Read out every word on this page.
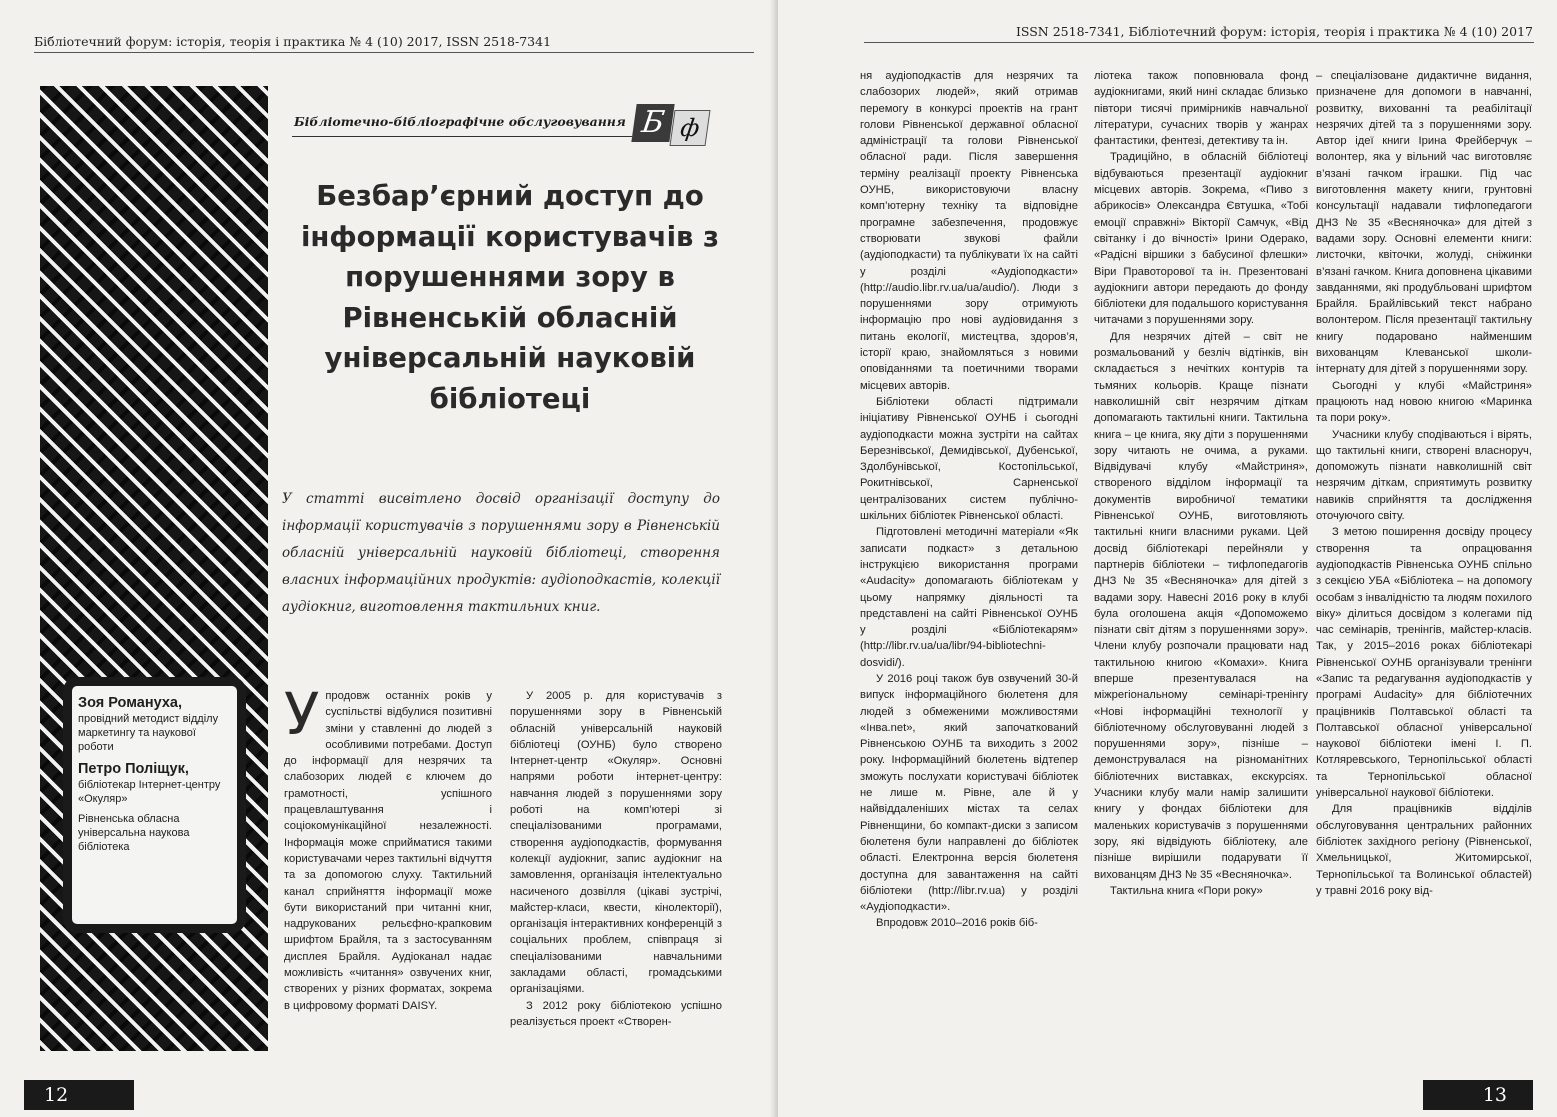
Бібліотечний форум: історія, теорія і практика № 4 (10) 2017, ISSN 2518-7341
Бібліотечно-бібліографічне обслуговування Б ф
Безбар’єрний доступ до інформації користувачів з порушеннями зору в Рівненській обласній універсальній науковій бібліотеці
У статті висвітлено досвід організації доступу до інформації користувачів з порушеннями зору в Рівненській обласній універсальній науковій бібліотеці, створення власних інформаційних продуктів: аудіоподкастів, колекції аудіокниг, виготовлення тактильних книг.
Зоя Романуха,
провідний методист відділу маркетингу та наукової роботи
Петро Поліщук,
бібліотекар Інтернет-центру «Окуляр»
Рівненська обласна універсальна наукова бібліотека

Упродовж останніх років у суспільстві відбулися позитивні зміни у ставленні до людей з особливими потребами. Доступ до інформації для незрячих та слабозорих людей є ключем до грамотності, успішного працевлаштування і соціокомунікаційної незалежності. Інформація може сприйматися такими користувачами через тактильні відчуття та за допомогою слуху. Тактильний канал сприйняття інформації може бути використаний при читанні книг, надрукованих рельєфно-крапковим шрифтом Брайля, та з застосуванням дисплея Брайля. Аудіоканал надає можливість «читання» озвучених книг, створених у різних форматах, зокрема в цифровому форматі DAISY.

У 2005 р. для користувачів з порушеннями зору в Рівненській обласній універсальній науковій бібліотеці (ОУНБ) було створено Інтернет-центр «Окуляр». Основні напрями роботи інтернет-центру: навчання людей з порушеннями зору роботі на комп’ютері зі спеціалізованими програмами, створення аудіоподкастів, формування колекції аудіокниг, запис аудіокниг на замовлення, організація інтелектуально насиченого дозвілля (цікаві зустрічі, майстер-класи, квести, кінолекторії), організація інтерактивних конференцій з соціальних проблем, співпраця зі спеціалізованими навчальними закладами області, громадськими організаціями.

З 2012 року бібліотекою успішно реалізується проект «Створен-

12
ISSN 2518-7341, Бібліотечний форум: історія, теорія і практика № 4 (10) 2017

ня аудіоподкастів для незрячих та слабозорих людей», який отримав перемогу в конкурсі проектів на грант голови Рівненської державної обласної адміністрації та голови Рівненської обласної ради. Після завершення терміну реалізації проекту Рівненська ОУНБ, використовуючи власну комп’ютерну техніку та відповідне програмне забезпечення, продовжує створювати звукові файли (аудіоподкасти) та публікувати їх на сайті у розділі «Аудіоподкасти» (http://audio.libr.rv.ua/ua/audio/). Люди з порушеннями зору отримують інформацію про нові аудіовидання з питань екології, мистецтва, здоров’я, історії краю, знайомляться з новими оповіданнями та поетичними творами місцевих авторів.

Бібліотеки області підтримали ініціативу Рівненської ОУНБ і сьогодні аудіоподкасти можна зустріти на сайтах Березнівської, Демидівської, Дубенської, Здолбунівської, Костопільської, Рокитнівської, Сарненської централізованих систем публічно-шкільних бібліотек Рівненської області.

Підготовлені методичні матеріали «Як записати подкаст» з детальною інструкцією використання програми «Audacity» допомагають бібліотекам у цьому напрямку діяльності та представлені на сайті Рівненської ОУНБ у розділі «Бібліотекарям» (http://libr.rv.ua/ua/libr/94-bibliotechni-dosvidi/).

У 2016 році також був озвучений 30-й випуск інформаційного бюлетеня для людей з обмеженими можливостями «Інва.net», який започаткований Рівненською ОУНБ та виходить з 2002 року. Інформаційний бюлетень відтепер зможуть послухати користувачі бібліотек не лише м. Рівне, але й у найвіддаленіших містах та селах Рівненщини, бо компакт-диски з записом бюлетеня були направлені до бібліотек області. Електронна версія бюлетеня доступна для завантаження на сайті бібліотеки (http://libr.rv.ua) у розділі «Аудіоподкасти».

Впродовж 2010–2016 років біб-

ліотека також поповнювала фонд аудіокнигами, який нині складає близько півтори тисячі примірників навчальної літератури, сучасних творів у жанрах фантастики, фентезі, детективу та ін.

Традиційно, в обласній бібліотеці відбуваються презентації аудіокниг місцевих авторів. Зокрема, «Пиво з абрикосів» Олександра Євтушка, «Тобі емоції справжні» Вікторії Самчук, «Від світанку і до вічності» Ірини Одерако, «Радісні віршики з бабусиної флешки» Віри Правоторової та ін. Презентовані аудіокниги автори передають до фонду бібліотеки для подальшого користування читачами з порушеннями зору.

Для незрячих дітей – світ не розмальований у безліч відтінків, він складається з нечітких контурів та тьмяних кольорів. Краще пізнати навколишній світ незрячим діткам допомагають тактильні книги. Тактильна книга – це книга, яку діти з порушеннями зору читають не очима, а руками. Відвідувачі клубу «Майстриня», створеного відділом інформації та документів виробничої тематики Рівненської ОУНБ, виготовляють тактильні книги власними руками. Цей досвід бібліотекарі перейняли у партнерів бібліотеки – тифлопедагогів ДНЗ № 35 «Весняночка» для дітей з вадами зору. Навесні 2016 року в клубі була оголошена акція «Допоможемо пізнати світ дітям з порушеннями зору». Члени клубу розпочали працювати над тактильною книгою «Комахи». Книга вперше презентувалася на міжрегіональному семінарі-тренінгу «Нові інформаційні технології у бібліотечному обслуговуванні людей з порушеннями зору», пізніше – демонструвалася на різноманітних бібліотечних виставках, екскурсіях. Учасники клубу мали намір залишити книгу у фондах бібліотеки для маленьких користувачів з порушеннями зору, які відвідують бібліотеку, але пізніше вирішили подарувати її вихованцям ДНЗ № 35 «Весняночка».

Тактильна книга «Пори року»

– спеціалізоване дидактичне видання, призначене для допомоги в навчанні, розвитку, вихованні та реабілітації незрячих дітей та з порушеннями зору. Автор ідеї книги Ірина Фрейберчук – волонтер, яка у вільний час виготовляє в’язані гачком іграшки. Під час виготовлення макету книги, грунтовні консультації надавали тифлопедагоги ДНЗ № 35 «Весняночка» для дітей з вадами зору. Основні елементи книги: листочки, квіточки, жолуді, сніжинки в’язані гачком. Книга доповнена цікавими завданнями, які продубльовані шрифтом Брайля. Брайлівський текст набрано волонтером. Після презентації тактильну книгу подаровано найменшим вихованцям Клеванської школи-інтернату для дітей з порушеннями зору.

Сьогодні у клубі «Майстриня» працюють над новою книгою «Маринка та пори року».

Учасники клубу сподіваються і вірять, що тактильні книги, створені власноруч, допоможуть пізнати навколишній світ незрячим діткам, сприятимуть розвитку навиків сприйняття та дослідження оточуючого світу.

З метою поширення досвіду процесу створення та опрацювання аудіоподкастів Рівненська ОУНБ спільно з секцією УБА «Бібліотека – на допомогу особам з інвалідністю та людям похилого віку» ділиться досвідом з колегами під час семінарів, тренінгів, майстер-класів. Так, у 2015–2016 роках бібліотекарі Рівненської ОУНБ організували тренінги «Запис та редагування аудіоподкастів у програмі Audacity» для бібліотечних працівників Полтавської області та Полтавської обласної універсальної наукової бібліотеки імені І. П. Котляревського, Тернопільської області та Тернопільської обласної універсальної наукової бібліотеки.

Для працівників відділів обслуговування центральних районних бібліотек західного регіону (Рівненської, Хмельницької, Житомирської, Тернопільської та Волинської областей) у травні 2016 року від-

13
